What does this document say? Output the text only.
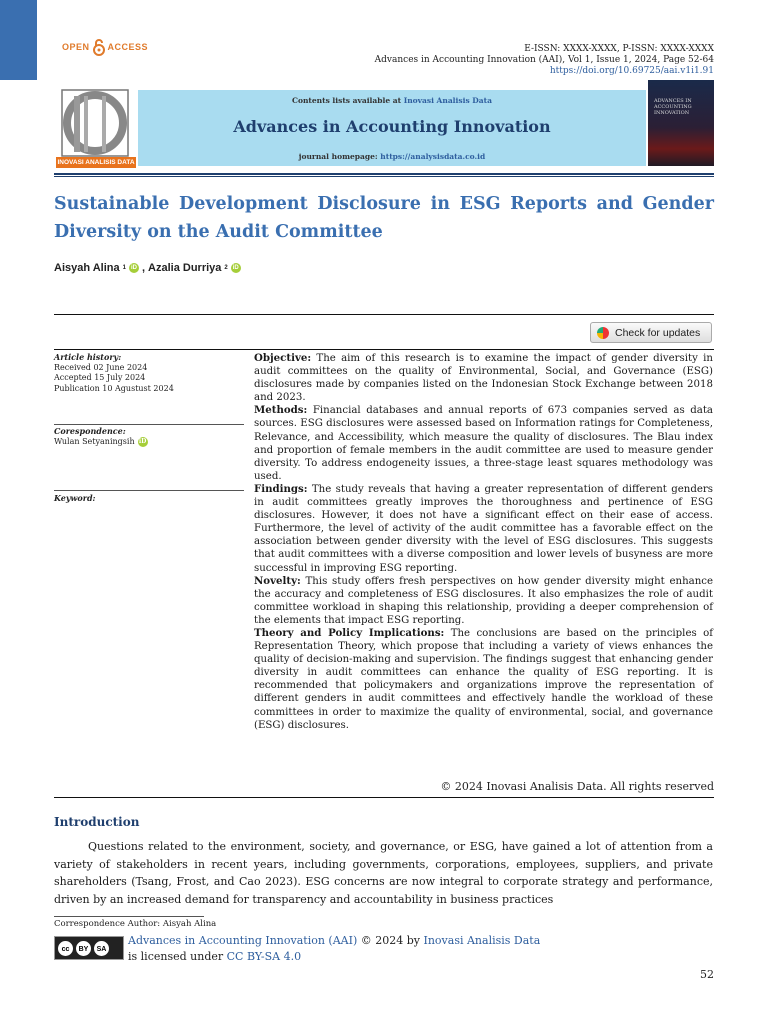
OPEN ACCESS	E-ISSN: XXXX-XXXX, P-ISSN: XXXX-XXXX
Advances in Accounting Innovation (AAI), Vol 1, Issue 1, 2024, Page 52-64
https://doi.org/10.69725/aai.v1i1.91
INOVASI ANALISIS DATA
Contents lists available at Inovasi Analisis Data
Advances in Accounting Innovation
journal homepage: https://analysisdata.co.id
ADVANCES IN ACCOUNTING INNOVATION
Sustainable Development Disclosure in ESG Reports and Gender Diversity on the Audit Committee
Aisyah Alina 1 iD , Azalia Durriya 2 iD
Check for updates
Article history:
Received 02 June 2024
Accepted 15 July 2024
Publication 10 Agustust 2024
Corespondence:
Wulan Setyaningsih iD
Keyword:

Objective: The aim of this research is to examine the impact of gender diversity in audit committees on the quality of Environmental, Social, and Governance (ESG) disclosures made by companies listed on the Indonesian Stock Exchange between 2018 and 2023.

Methods: Financial databases and annual reports of 673 companies served as data sources. ESG disclosures were assessed based on Information ratings for Completeness, Relevance, and Accessibility, which measure the quality of disclosures. The Blau index and proportion of female members in the audit committee are used to measure gender diversity. To address endogeneity issues, a three-stage least squares methodology was used.

Findings: The study reveals that having a greater representation of different genders in audit committees greatly improves the thoroughness and pertinence of ESG disclosures. However, it does not have a significant effect on their ease of access. Furthermore, the level of activity of the audit committee has a favorable effect on the association between gender diversity with the level of ESG disclosures. This suggests that audit committees with a diverse composition and lower levels of busyness are more successful in improving ESG reporting.

Novelty: This study offers fresh perspectives on how gender diversity might enhance the accuracy and completeness of ESG disclosures. It also emphasizes the role of audit committee workload in shaping this relationship, providing a deeper comprehension of the elements that impact ESG reporting.

Theory and Policy Implications: The conclusions are based on the principles of Representation Theory, which propose that including a variety of views enhances the quality of decision-making and supervision. The findings suggest that enhancing gender diversity in audit committees can enhance the quality of ESG reporting. It is recommended that policymakers and organizations improve the representation of different genders in audit committees and effectively handle the workload of these committees in order to maximize the quality of environmental, social, and governance (ESG) disclosures.

© 2024 Inovasi Analisis Data. All rights reserved
Introduction

Questions related to the environment, society, and governance, or ESG, have gained a lot of attention from a variety of stakeholders in recent years, including governments, corporations, employees, suppliers, and private shareholders (Tsang, Frost, and Cao 2023). ESG concerns are now integral to corporate strategy and performance, driven by an increased demand for transparency and accountability in business practices

Correspondence Author: Aisyah Alina
cc	BY	SA
Advances in Accounting Innovation (AAI) © 2024 by Inovasi Analisis Data
is licensed under CC BY-SA 4.0
52
